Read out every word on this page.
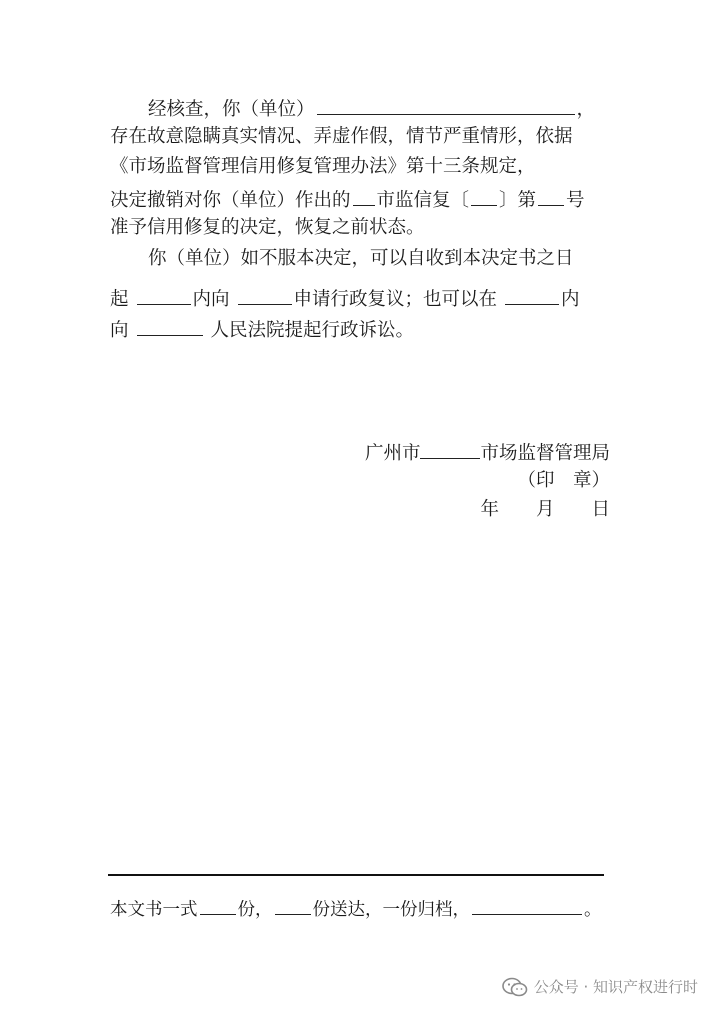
经核查，你（单位）	，
存在故意隐瞒真实情况、弄虚作假，情节严重情形，依据
《市场监督管理信用修复管理办法》第十三条规定，
决定撤销对你（单位）作出的 市监信复〔 〕第 号
准予信用修复的决定，恢复之前状态。
你（单位）如不服本决定，可以自收到本决定书之日
起	内向	申请行政复议；也可以在	内
向	人民法院提起行政诉讼。
广州市	市场监督管理局
（印　章）
年　　月　　日
本文书一式 份， 份送达，一份归档，	。
公众号 · 知识产权进行时
